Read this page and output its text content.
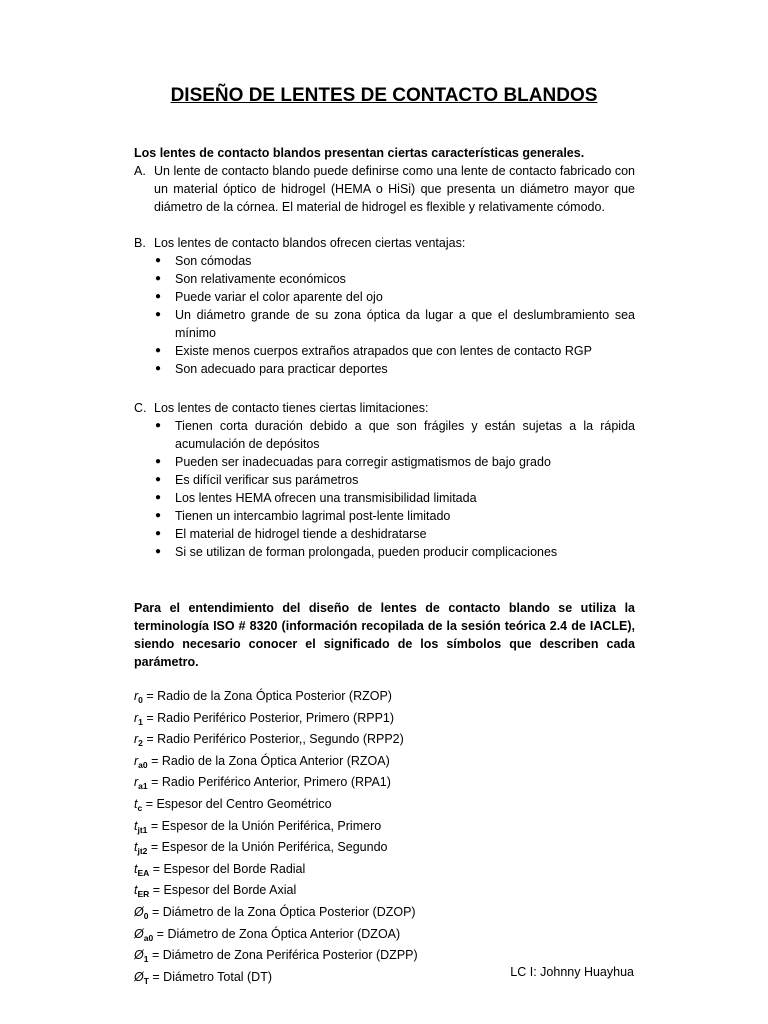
DISEÑO DE LENTES DE CONTACTO BLANDOS
Los lentes de contacto blandos presentan ciertas características generales.
A. Un lente de contacto blando puede definirse como una lente de contacto fabricado con un material óptico de hidrogel (HEMA o HiSi) que presenta un diámetro mayor que diámetro de la córnea. El material de hidrogel es flexible y relativamente cómodo.
B. Los lentes de contacto blandos ofrecen ciertas ventajas:
●	Son cómodas
●	Son relativamente económicos
●	Puede variar el color aparente del ojo
●	Un diámetro grande de su zona óptica da lugar a que el deslumbramiento sea mínimo
●	Existe menos cuerpos extraños atrapados que con lentes de contacto RGP
●	Son adecuado para practicar deportes
C. Los lentes de contacto tienes ciertas limitaciones:
●	Tienen corta duración debido a que son frágiles y están sujetas a la rápida acumulación de depósitos
●	Pueden ser inadecuadas para corregir astigmatismos de bajo grado
●	Es difícil verificar sus parámetros
●	Los lentes HEMA ofrecen una transmisibilidad limitada
●	Tienen un intercambio lagrimal post-lente limitado
●	El material de hidrogel tiende a deshidratarse
●	Si se utilizan de forman prolongada, pueden producir complicaciones
Para el entendimiento del diseño de lentes de contacto blando se utiliza la terminología ISO # 8320 (información recopilada de la sesión teórica 2.4 de IACLE), siendo necesario conocer el significado de los símbolos que describen cada parámetro.
$r_0$ = Radio de la Zona Óptica Posterior (RZOP)
$r_1$ = Radio Periférico Posterior, Primero (RPP1)
$r_2$ = Radio Periférico Posterior,, Segundo (RPP2)
$r_{a0}$ = Radio de la Zona Óptica Anterior (RZOA)
$r_{a1}$ = Radio Periférico Anterior, Primero (RPA1)
$t_c$ = Espesor del Centro Geométrico
$t_{jt1}$ = Espesor de la Unión Periférica, Primero
$t_{jt2}$ = Espesor de la Unión Periférica, Segundo
$t_{EA}$ = Espesor del Borde Radial
$t_{ER}$ = Espesor del Borde Axial
$Ø_0$ = Diámetro de la Zona Óptica Posterior (DZOP)
$Ø_{a0}$ = Diámetro de Zona Óptica Anterior (DZOA)
$Ø_1$ = Diámetro de Zona Periférica Posterior (DZPP)
$Ø_T$ = Diámetro Total (DT)	LC I: Johnny Huayhua
